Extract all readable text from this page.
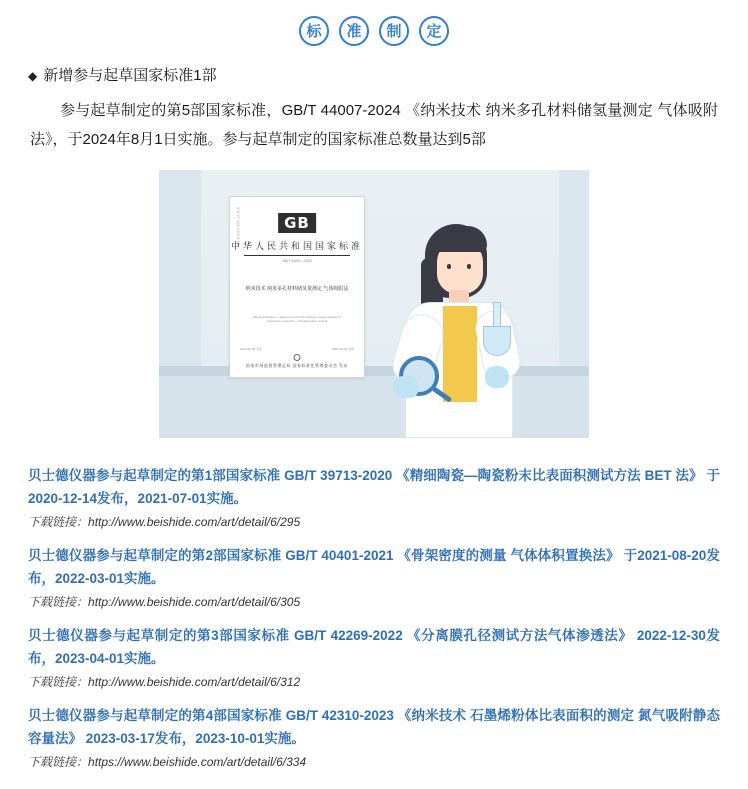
标	准	制	定
◆ 新增参与起草国家标准1部

参与起草制定的第5部国家标准，GB/T 44007-2024 《纳米技术 纳米多孔材料储氢量测定 气体吸附法》，于2024年8月1日实施。参与起草制定的国家标准总数量达到5部

ICS 07.120 CCS A 43	GB
中华人民共和国国家标准
GB/T 44007—2024
纳米技术 纳米多孔材料储氢量测定 气体吸附法
Nanotechnologies — Measurement of the hydrogen storage capacity of nanoporous materials — Gas adsorption method
2024-04-25 发布	2024-08-01 实施
国家市场监督管理总局 国家标准化管理委员会 发布
贝士德仪器参与起草制定的第1部国家标准 GB/T 39713-2020 《精细陶瓷—陶瓷粉末比表面积测试方法 BET 法》 于2020-12-14发布，2021-07-01实施。
下载链接：http://www.beishide.com/art/detail/6/295
贝士德仪器参与起草制定的第2部国家标准 GB/T 40401-2021 《骨架密度的测量 气体体积置换法》 于2021-08-20发布，2022-03-01实施。
下载链接：http://www.beishide.com/art/detail/6/305
贝士德仪器参与起草制定的第3部国家标准 GB/T 42269-2022 《分离膜孔径测试方法气体渗透法》 2022-12-30发布，2023-04-01实施。
下载链接：http://www.beishide.com/art/detail/6/312
贝士德仪器参与起草制定的第4部国家标准 GB/T 42310-2023 《纳米技术 石墨烯粉体比表面积的测定 氮气吸附静态容量法》 2023-03-17发布，2023-10-01实施。
下载链接：https://www.beishide.com/art/detail/6/334
